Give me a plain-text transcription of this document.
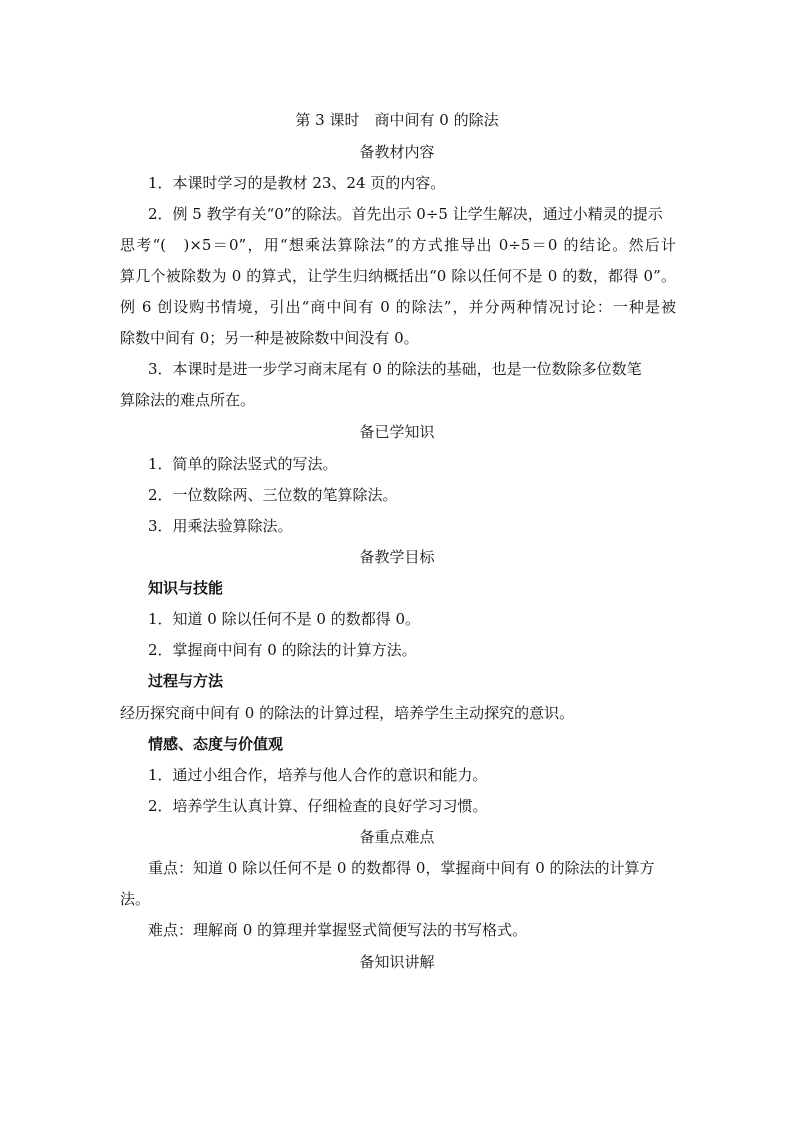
第 3 课时　商中间有 0 的除法
备教材内容
1．本课时学习的是教材 23、24 页的内容。
2．例 5 教学有关“0”的除法。首先出示 0÷5 让学生解决，通过小精灵的提示
思考“(　)×5＝0”，用“想乘法算除法”的方式推导出 0÷5＝0 的结论。然后计
算几个被除数为 0 的算式，让学生归纳概括出“0 除以任何不是 0 的数，都得 0”。
例 6 创设购书情境，引出“商中间有 0 的除法”，并分两种情况讨论：一种是被
除数中间有 0；另一种是被除数中间没有 0。
3．本课时是进一步学习商末尾有 0 的除法的基础，也是一位数除多位数笔
算除法的难点所在。
备已学知识
1．简单的除法竖式的写法。
2．一位数除两、三位数的笔算除法。
3．用乘法验算除法。
备教学目标
知识与技能
1．知道 0 除以任何不是 0 的数都得 0。
2．掌握商中间有 0 的除法的计算方法。
过程与方法
经历探究商中间有 0 的除法的计算过程，培养学生主动探究的意识。
情感、态度与价值观
1．通过小组合作，培养与他人合作的意识和能力。
2．培养学生认真计算、仔细检查的良好学习习惯。
备重点难点
重点：知道 0 除以任何不是 0 的数都得 0，掌握商中间有 0 的除法的计算方
法。
难点：理解商 0 的算理并掌握竖式简便写法的书写格式。
备知识讲解
